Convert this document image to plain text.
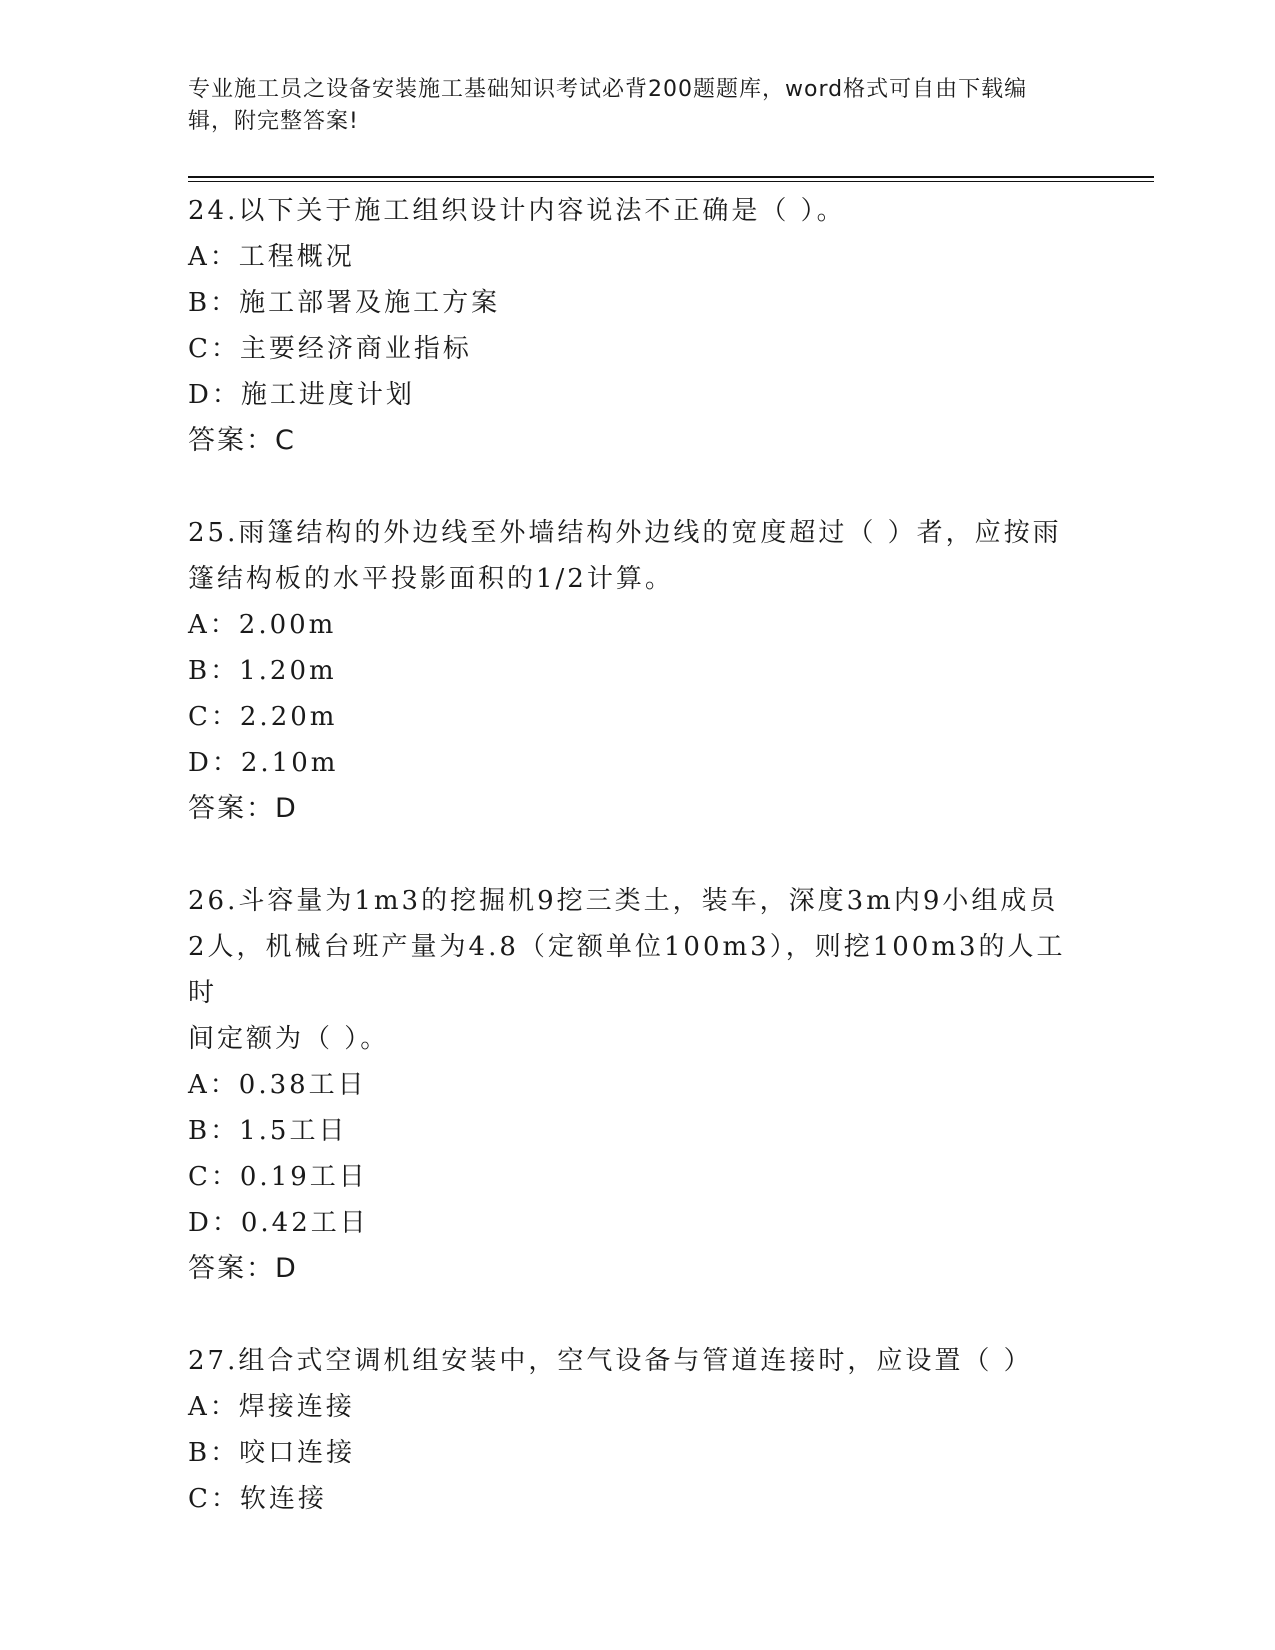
专业施工员之设备安装施工基础知识考试必背200题题库，word格式可自由下载编辑，附完整答案!
24.以下关于施工组织设计内容说法不正确是（ ）。
A：工程概况
B：施工部署及施工方案
C：主要经济商业指标
D：施工进度计划
答案：C
25.雨篷结构的外边线至外墙结构外边线的宽度超过（ ）者，应按雨
篷结构板的水平投影面积的1/2计算。
A：2.00m
B：1.20m
C：2.20m
D：2.10m
答案：D
26.斗容量为1m3的挖掘机9挖三类土，装车，深度3m内9小组成员
2人，机械台班产量为4.8（定额单位100m3），则挖100m3的人工时
间定额为（ ）。
A：0.38工日
B：1.5工日
C：0.19工日
D：0.42工日
答案：D
27.组合式空调机组安装中，空气设备与管道连接时，应设置（ ）
A：焊接连接
B：咬口连接
C：软连接
